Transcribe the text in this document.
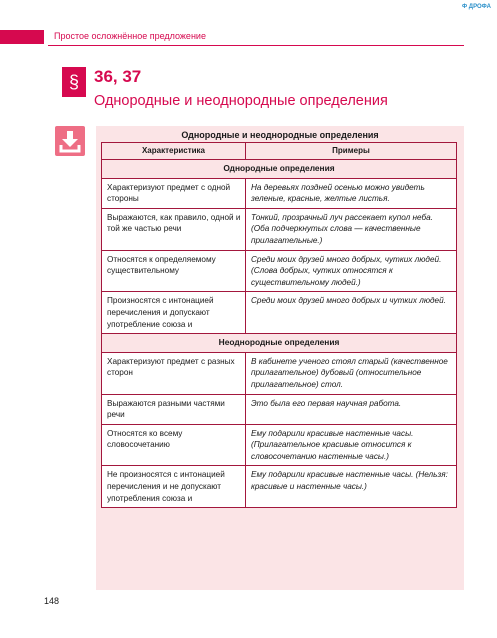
Ф ДРОФА
Простое осложнённое предложение
§ 36, 37
Однородные и неоднородные определения
Однородные и неоднородные определения
Характеристика	Примеры
Однородные определения	
Характеризуют предмет с одной стороны	На деревьях поздней осенью можно увидеть зеленые, красные, желтые листья.
Выражаются, как правило, одной и той же частью речи	Тонкий, прозрачный луч рассекает купол неба. (Оба подчеркнутых слова — качественные прилагательные.)
Относятся к определяемому существительному	Среди моих друзей много добрых, чутких людей. (Слова добрых, чутких относятся к существительному людей.)
Произносятся с интонацией перечисления и допускают употребление союза и	Среди моих друзей много добрых и чутких людей.
Неоднородные определения	
Характеризуют предмет с разных сторон	В кабинете ученого стоял старый (качественное прилагательное) дубовый (относительное прилагательное) стол.
Выражаются разными частями речи	Это была его первая научная работа.
Относятся ко всему словосочетанию	Ему подарили красивые настенные часы. (Прилагательное красивые относится к словосочетанию настенные часы.)
Не произносятся с интонацией перечисления и не допускают употребления союза и	Ему подарили красивые настенные часы. (Нельзя: красивые и настенные часы.)
148
